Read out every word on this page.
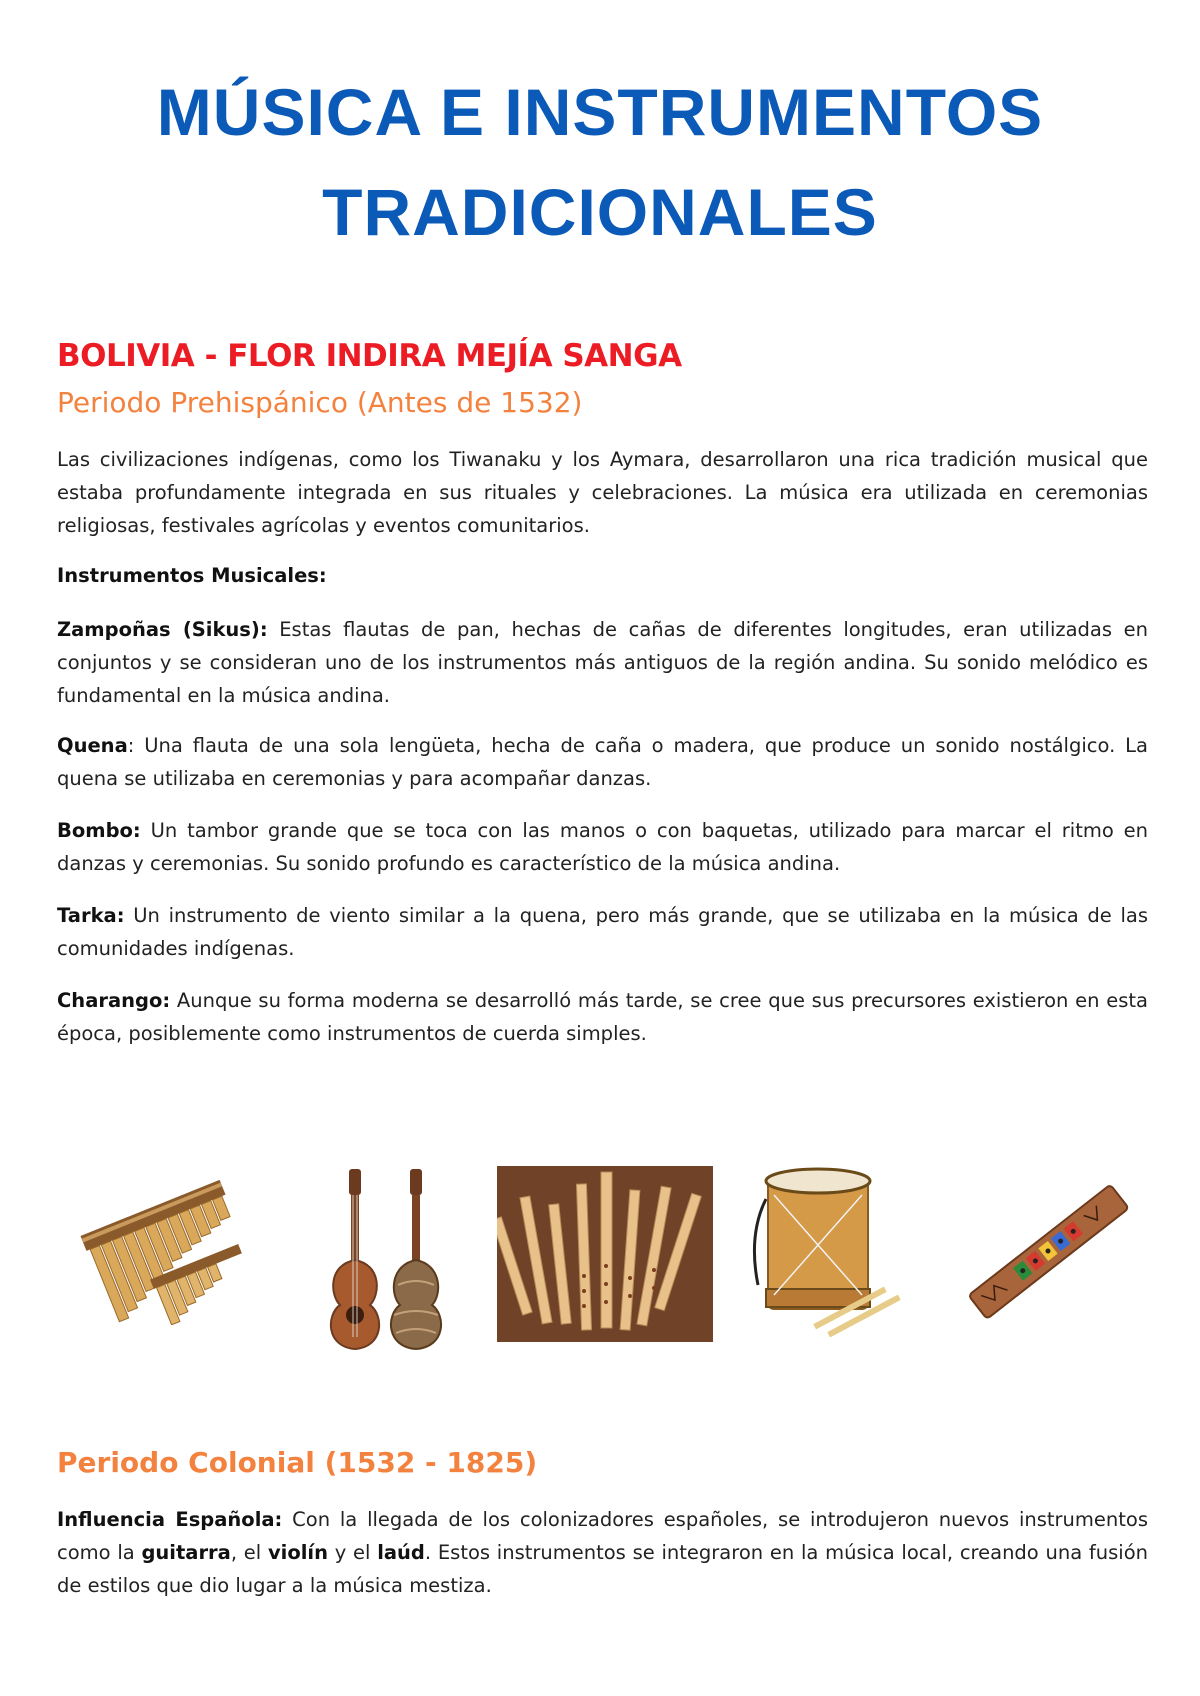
MÚSICA E INSTRUMENTOS
TRADICIONALES
BOLIVIA - FLOR INDIRA MEJÍA SANGA
Periodo Prehispánico (Antes de 1532)

Las civilizaciones indígenas, como los Tiwanaku y los Aymara, desarrollaron una rica tradición musical que estaba profundamente integrada en sus rituales y celebraciones. La música era utilizada en ceremonias religiosas, festivales agrícolas y eventos comunitarios.

Instrumentos Musicales:

Zampoñas (Sikus): Estas flautas de pan, hechas de cañas de diferentes longitudes, eran utilizadas en conjuntos y se consideran uno de los instrumentos más antiguos de la región andina. Su sonido melódico es fundamental en la música andina.

Quena: Una flauta de una sola lengüeta, hecha de caña o madera, que produce un sonido nostálgico. La quena se utilizaba en ceremonias y para acompañar danzas.

Bombo: Un tambor grande que se toca con las manos o con baquetas, utilizado para marcar el ritmo en danzas y ceremonias. Su sonido profundo es característico de la música andina.

Tarka: Un instrumento de viento similar a la quena, pero más grande, que se utilizaba en la música de las comunidades indígenas.

Charango: Aunque su forma moderna se desarrolló más tarde, se cree que sus precursores existieron en esta época, posiblemente como instrumentos de cuerda simples.

Periodo Colonial (1532 - 1825)

Influencia Española: Con la llegada de los colonizadores españoles, se introdujeron nuevos instrumentos como la guitarra, el violín y el laúd. Estos instrumentos se integraron en la música local, creando una fusión de estilos que dio lugar a la música mestiza.
